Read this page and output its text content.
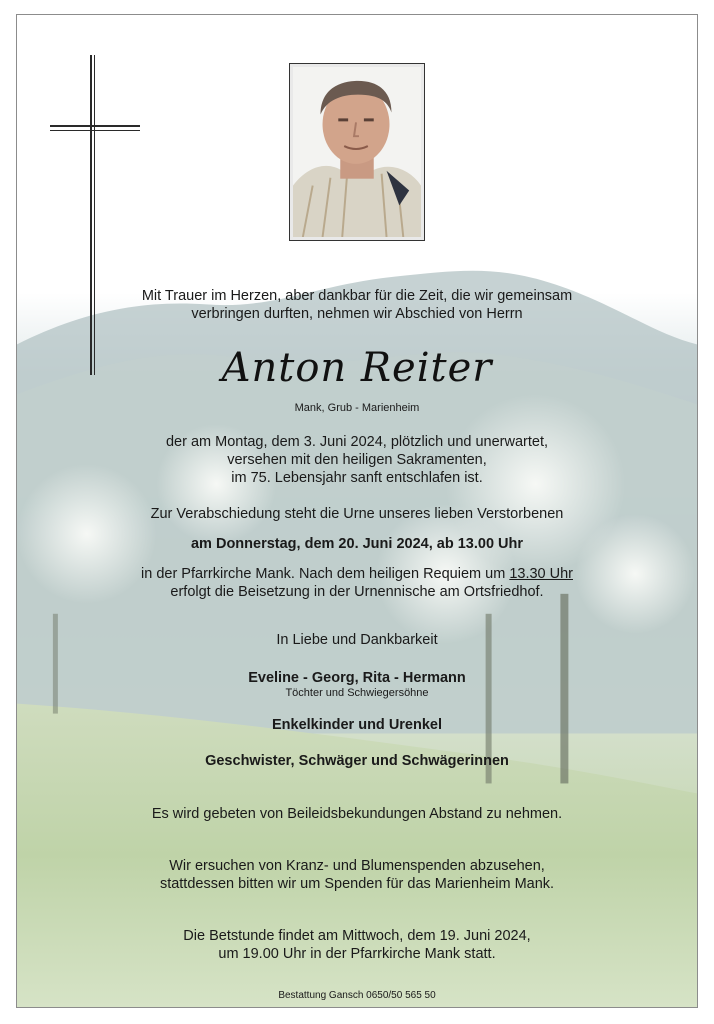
Mit Trauer im Herzen, aber dankbar für die Zeit, die wir gemeinsam
verbringen durften, nehmen wir Abschied von Herrn
Anton Reiter
Mank, Grub - Marienheim
der am Montag, dem 3. Juni 2024, plötzlich und unerwartet,
versehen mit den heiligen Sakramenten,
im 75. Lebensjahr sanft entschlafen ist.
Zur Verabschiedung steht die Urne unseres lieben Verstorbenen
am Donnerstag, dem 20. Juni 2024, ab 13.00 Uhr
in der Pfarrkirche Mank. Nach dem heiligen Requiem um 13.30 Uhr
erfolgt die Beisetzung in der Urnennische am Ortsfriedhof.
In Liebe und Dankbarkeit
Eveline - Georg, Rita - Hermann
Töchter und Schwiegersöhne
Enkelkinder und Urenkel
Geschwister, Schwäger und Schwägerinnen
Es wird gebeten von Beileidsbekundungen Abstand zu nehmen.
Wir ersuchen von Kranz- und Blumenspenden abzusehen,
stattdessen bitten wir um Spenden für das Marienheim Mank.
Die Betstunde findet am Mittwoch, dem 19. Juni 2024,
um 19.00 Uhr in der Pfarrkirche Mank statt.
Bestattung Gansch 0650/50 565 50
